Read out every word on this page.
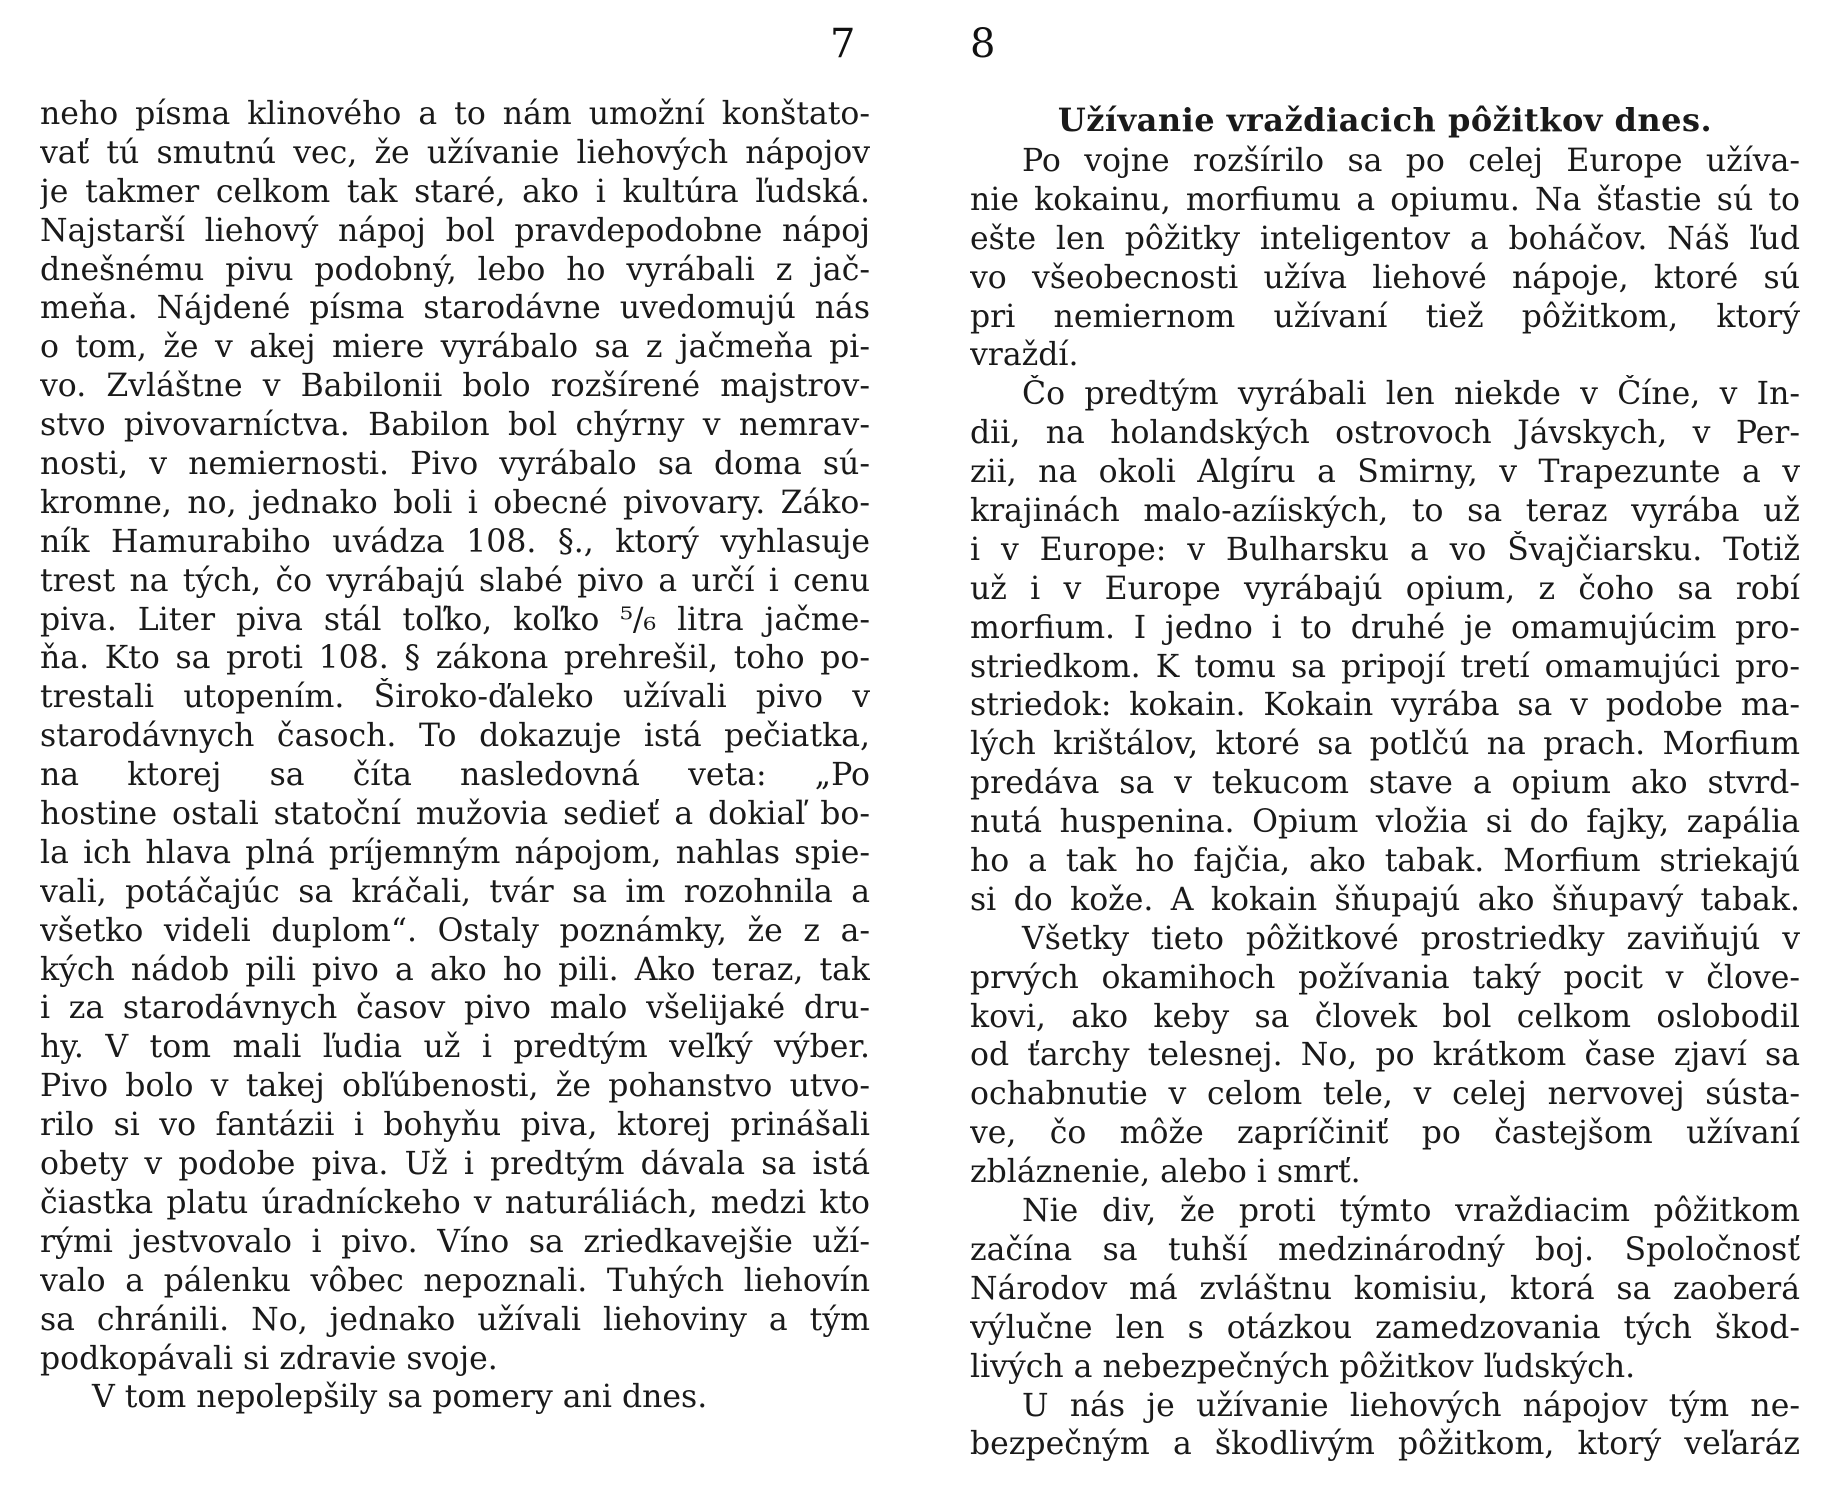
7
neho písma klinového a to nám umožní konštato-
vať tú smutnú vec, že užívanie liehových nápojov
je takmer celkom tak staré, ako i kultúra ľudská.
Najstarší liehový nápoj bol pravdepodobne nápoj
dnešnému pivu podobný, lebo ho vyrábali z jač-
meňa. Nájdené písma starodávne uvedomujú nás
o tom, že v akej miere vyrábalo sa z jačmeňa pi-
vo. Zvláštne v Babilonii bolo rozšírené majstrov-
stvo pivovarníctva. Babilon bol chýrny v nemrav-
nosti, v nemiernosti. Pivo vyrábalo sa doma sú-
kromne, no, jednako boli i obecné pivovary. Záko-
ník Hamurabiho uvádza 108. §., ktorý vyhlasuje
trest na tých, čo vyrábajú slabé pivo a určí i cenu
piva. Liter piva stál toľko, koľko ⁵/₆ litra jačme-
ňa. Kto sa proti 108. § zákona prehrešil, toho po-
trestali utopením. Široko-ďaleko užívali pivo v
starodávnych časoch. To dokazuje istá pečiatka,
na ktorej sa číta nasledovná veta: „Po
hostine ostali statoční mužovia sedieť a dokiaľ bo-
la ich hlava plná príjemným nápojom, nahlas spie-
vali, potáčajúc sa kráčali, tvár sa im rozohnila a
všetko videli duplom“. Ostaly poznámky, že z a-
kých nádob pili pivo a ako ho pili. Ako teraz, tak
i za starodávnych časov pivo malo všelijaké dru-
hy. V tom mali ľudia už i predtým veľký výber.
Pivo bolo v takej obľúbenosti, že pohanstvo utvo-
rilo si vo fantázii i bohyňu piva, ktorej prinášali
obety v podobe piva. Už i predtým dávala sa istá
čiastka platu úradníckeho v naturáliách, medzi kto
rými jestvovalo i pivo. Víno sa zriedkavejšie uží-
valo a pálenku vôbec nepoznali. Tuhých liehovín
sa chránili. No, jednako užívali liehoviny a tým
podkopávali si zdravie svoje.
V tom nepolepšily sa pomery ani dnes.
8
Užívanie vraždiacich pôžitkov dnes.
Po vojne rozšírilo sa po celej Europe užíva-
nie kokainu, morfiumu a opiumu. Na šťastie sú to
ešte len pôžitky inteligentov a boháčov. Náš ľud
vo všeobecnosti užíva liehové nápoje, ktoré sú
pri nemiernom užívaní tiež pôžitkom, ktorý
vraždí.
Čo predtým vyrábali len niekde v Číne, v In-
dii, na holandských ostrovoch Jávskych, v Per-
zii, na okoli Algíru a Smirny, v Trapezunte a v
krajinách malo-azíiských, to sa teraz vyrába už
i v Europe: v Bulharsku a vo Švajčiarsku. Totiž
už i v Europe vyrábajú opium, z čoho sa robí
morfium. I jedno i to druhé je omamujúcim pro-
striedkom. K tomu sa pripojí tretí omamujúci pro-
striedok: kokain. Kokain vyrába sa v podobe ma-
lých krištálov, ktoré sa potlčú na prach. Morfium
predáva sa v tekucom stave a opium ako stvrd-
nutá huspenina. Opium vložia si do fajky, zapália
ho a tak ho fajčia, ako tabak. Morfium striekajú
si do kože. A kokain šňupajú ako šňupavý tabak.
Všetky tieto pôžitkové prostriedky zaviňujú v
prvých okamihoch požívania taký pocit v člove-
kovi, ako keby sa človek bol celkom oslobodil
od ťarchy telesnej. No, po krátkom čase zjaví sa
ochabnutie v celom tele, v celej nervovej sústa-
ve, čo môže zapríčiniť po častejšom užívaní
zbláznenie, alebo i smrť.
Nie div, že proti týmto vraždiacim pôžitkom
začína sa tuhší medzinárodný boj. Spoločnosť
Národov má zvláštnu komisiu, ktorá sa zaoberá
výlučne len s otázkou zamedzovania tých škod-
livých a nebezpečných pôžitkov ľudských.
U nás je užívanie liehových nápojov tým ne-
bezpečným a škodlivým pôžitkom, ktorý veľaráz
